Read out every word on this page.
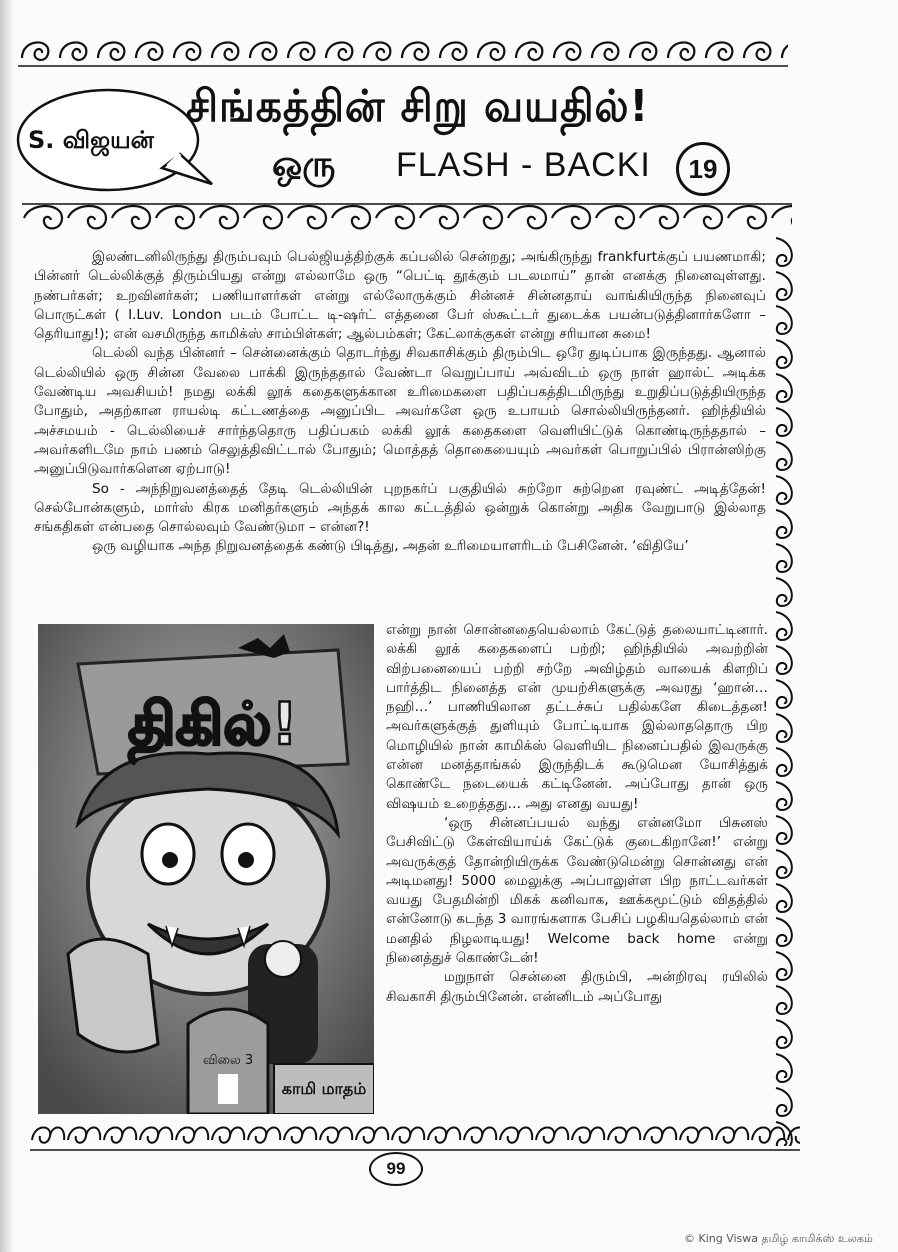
S. விஜயன்
சிங்கத்தின் சிறு வயதில்!
ஒரு FLASH - BACKI	19

இலண்டனிலிருந்து திரும்பவும் பெல்ஜியத்திற்குக் கப்பலில் சென்றது; அங்கிருந்து frankfurtக்குப் பயணமாகி; பின்னர் டெல்லிக்குத் திரும்பியது என்று எல்லாமே ஒரு “பெட்டி தூக்கும் படலமாய்” தான் எனக்கு நினைவுள்ளது. நண்பர்கள்; உறவினர்கள்; பணியாளர்கள் என்று எல்லோருக்கும் சின்னச் சின்னதாய் வாங்கியிருந்த நினைவுப் பொருட்கள் ( I.Luv. London படம் போட்ட டி-ஷர்ட் எத்தனை பேர் ஸ்கூட்டர் துடைக்க பயன்படுத்தினார்களோ – தெரியாது!); என் வசமிருந்த காமிக்ஸ் சாம்பிள்கள்; ஆல்பம்கள்; கேட்லாக்குகள் என்று சரியான சுமை!

டெல்லி வந்த பின்னர் – சென்னைக்கும் தொடர்ந்து சிவகாசிக்கும் திரும்பிட ஒரே துடிப்பாக இருந்தது. ஆனால் டெல்லியில் ஒரு சின்ன வேலை பாக்கி இருந்ததால் வேண்டா வெறுப்பாய் அவ்விடம் ஒரு நாள் ஹால்ட் அடிக்க வேண்டிய அவசியம்! நமது லக்கி லூக் கதைகளுக்கான உரிமைகளை பதிப்பகத்திடமிருந்து உறுதிப்படுத்தியிருந்த போதும், அதற்கான ராயல்டி கட்டணத்தை அனுப்பிட அவர்களே ஒரு உபாயம் சொல்லியிருந்தனர். ஹிந்தியில் அச்சமயம் - டெல்லியைச் சார்ந்ததொரு பதிப்பகம் லக்கி லூக் கதைகளை வெளியிட்டுக் கொண்டிருந்ததால் – அவர்களிடமே நாம் பணம் செலுத்திவிட்டால் போதும்; மொத்தத் தொகையையும் அவர்கள் பொறுப்பில் பிரான்ஸிற்கு அனுப்பிடுவார்களென ஏற்பாடு!

So - அந்நிறுவனத்தைத் தேடி டெல்லியின் புறநகர்ப் பகுதியில் சுற்றோ சுற்றென ரவுண்ட் அடித்தேன்! செல்போன்களும், மார்ஸ் கிரக மனிதர்களும் அந்தக் கால கட்டத்தில் ஒன்றுக் கொன்று அதிக வேறுபாடு இல்லாத சங்கதிகள் என்பதை சொல்லவும் வேண்டுமா – என்ன?!

ஒரு வழியாக அந்த நிறுவனத்தைக் கண்டு பிடித்து, அதன் உரிமையாளரிடம் பேசினேன். ‘விதியே’

திகில்!
காமி மாதம்
விலை 3

என்று நான் சொன்னதையெல்லாம் கேட்டுத் தலையாட்டினார். லக்கி லூக் கதைகளைப் பற்றி; ஹிந்தியில் அவற்றின் விற்பனையைப் பற்றி சற்றே அவிழ்தம் வாயைக் கிளறிப் பார்த்திட நினைத்த என் முயற்சிகளுக்கு அவரது ‘ஹான்… நஹி…’ பாணியிலான தட்டச்சுப் பதில்களே கிடைத்தன! அவர்களுக்குத் துளியும் போட்டியாக இல்லாததொரு பிற மொழியில் நான் காமிக்ஸ் வெளியிட நினைப்பதில் இவருக்கு என்ன மனத்தாங்கல் இருந்திடக் கூடுமென யோசித்துக் கொண்டே நடையைக் கட்டினேன். அப்போது தான் ஒரு விஷயம் உறைத்தது… அது எனது வயது!

‘ஒரு சின்னப்பயல் வந்து என்னமோ பிசுனஸ் பேசிவிட்டு கேள்வியாய்க் கேட்டுக் குடைகிறானே!’ என்று அவருக்குத் தோன்றியிருக்க வேண்டுமென்று சொன்னது என் அடிமனது! 5000 மைலுக்கு அப்பாலுள்ள பிற நாட்டவர்கள் வயது பேதமின்றி மிகக் கனிவாக, ஊக்கமூட்டும் விதத்தில் என்னோடு கடந்த 3 வாரங்களாக பேசிப் பழகியதெல்லாம் என் மனதில் நிழலாடியது! Welcome back home என்று நினைத்துச் கொண்டேன்!

மறுநாள் சென்னை திரும்பி, அன்றிரவு ரயிலில் சிவகாசி திரும்பினேன். என்னிடம் அப்போது

99
© King Viswa தமிழ் காமிக்ஸ் உலகம்
